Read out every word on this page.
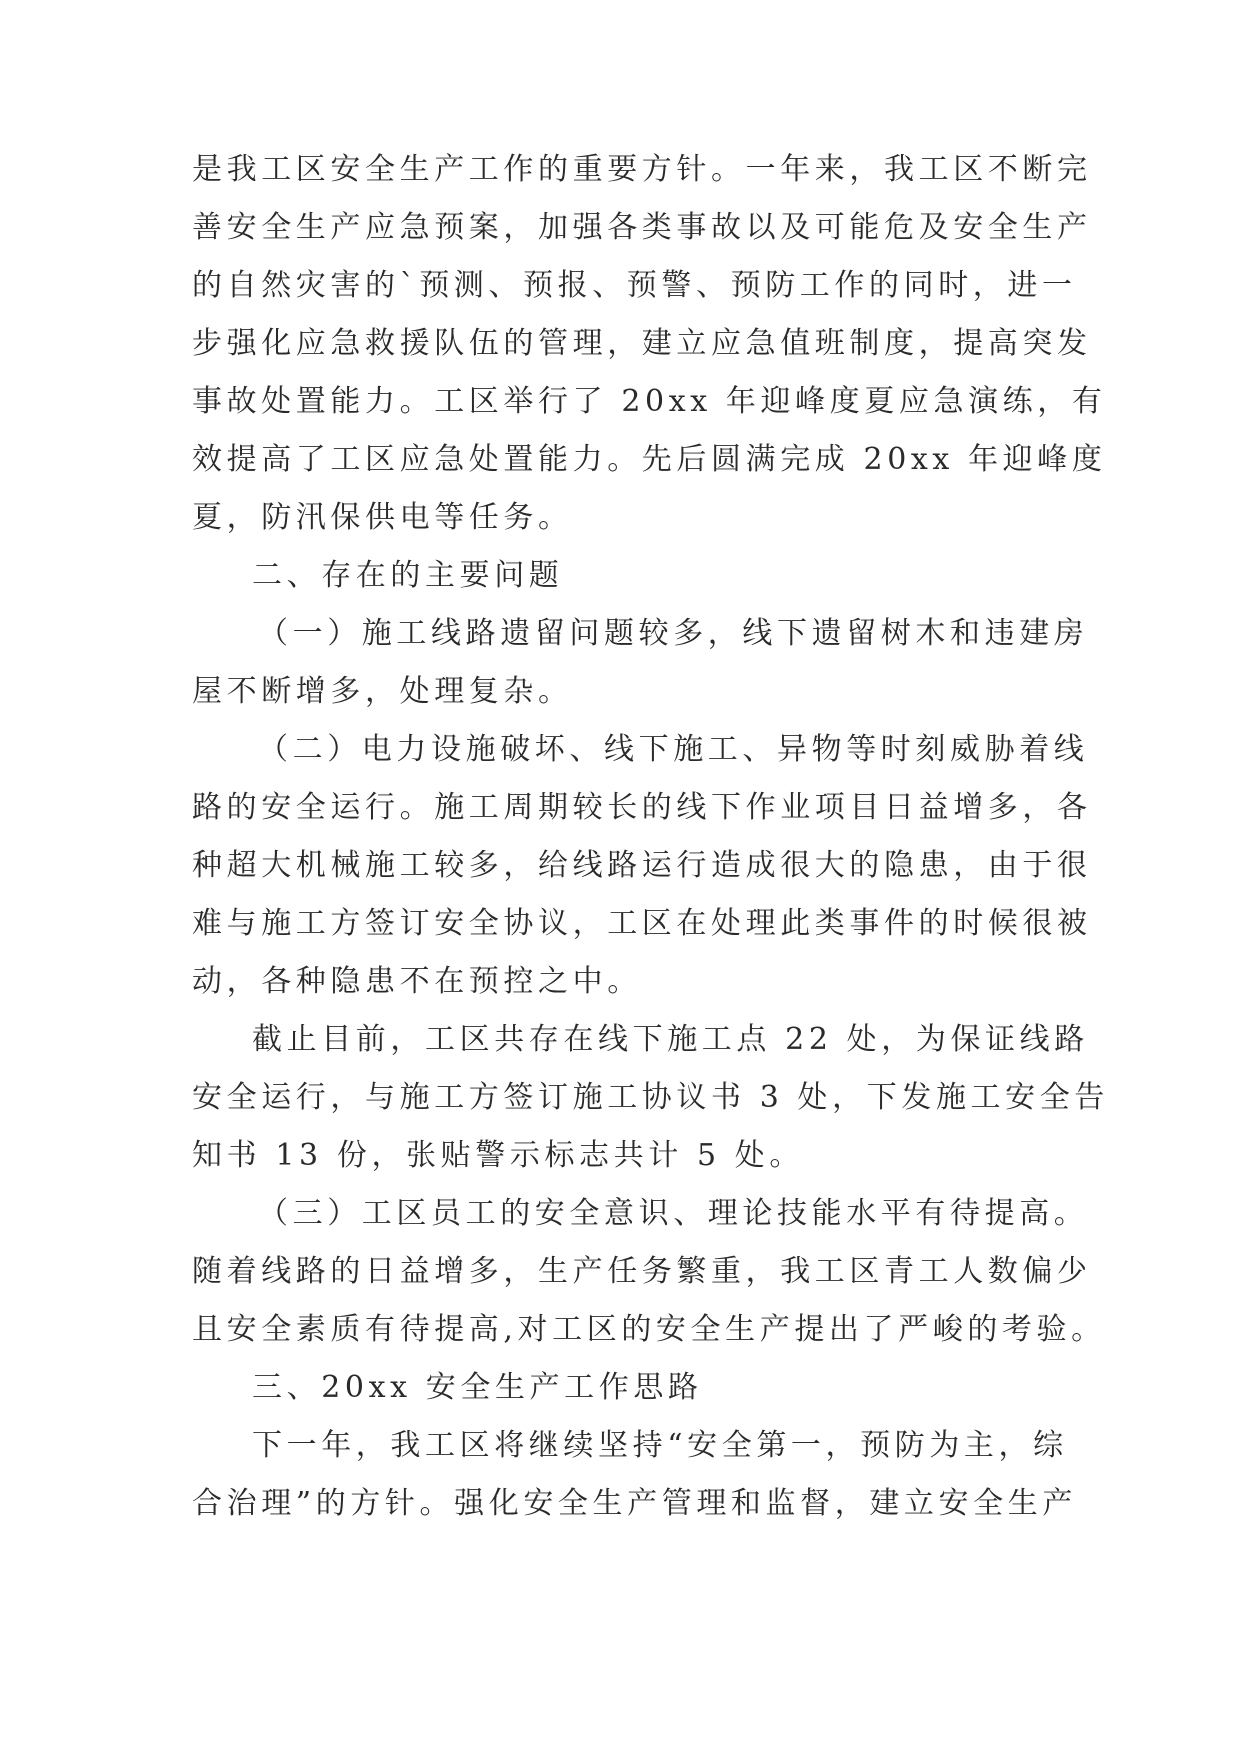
是我工区安全生产工作的重要方针。一年来，我工区不断完
善安全生产应急预案，加强各类事故以及可能危及安全生产
的自然灾害的`预测、预报、预警、预防工作的同时，进一
步强化应急救援队伍的管理，建立应急值班制度，提高突发
事故处置能力。工区举行了 20xx 年迎峰度夏应急演练，有
效提高了工区应急处置能力。先后圆满完成 20xx 年迎峰度
夏，防汛保供电等任务。
二、存在的主要问题
（一）施工线路遗留问题较多，线下遗留树木和违建房
屋不断增多，处理复杂。
（二）电力设施破坏、线下施工、异物等时刻威胁着线
路的安全运行。施工周期较长的线下作业项目日益增多，各
种超大机械施工较多，给线路运行造成很大的隐患，由于很
难与施工方签订安全协议，工区在处理此类事件的时候很被
动，各种隐患不在预控之中。
截止目前，工区共存在线下施工点 22 处，为保证线路
安全运行，与施工方签订施工协议书 3 处，下发施工安全告
知书 13 份，张贴警示标志共计 5 处。
（三）工区员工的安全意识、理论技能水平有待提高。
随着线路的日益增多，生产任务繁重，我工区青工人数偏少
且安全素质有待提高,对工区的安全生产提出了严峻的考验。
三、20xx 安全生产工作思路
下一年，我工区将继续坚持“安全第一，预防为主，综
合治理”的方针。强化安全生产管理和监督，建立安全生产
